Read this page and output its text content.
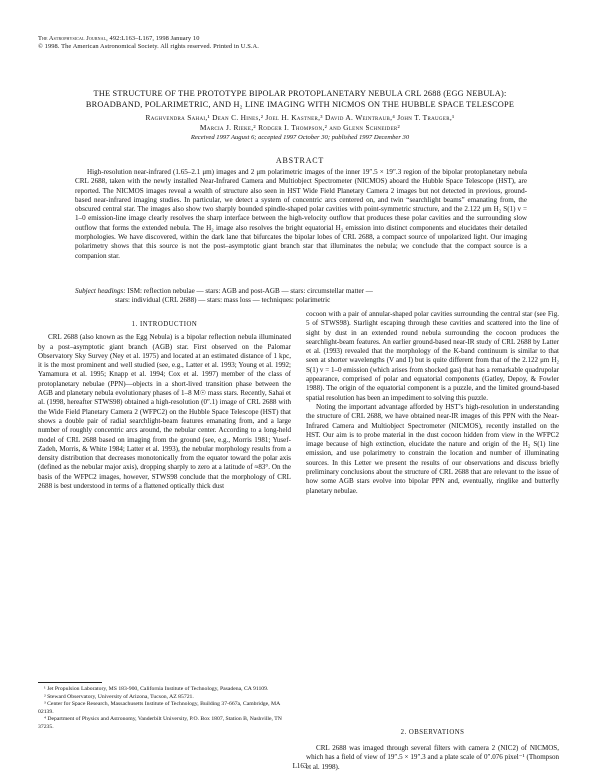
The Astrophysical Journal, 492:L163–L167, 1998 January 10
© 1998. The American Astronomical Society. All rights reserved. Printed in U.S.A.
THE STRUCTURE OF THE PROTOTYPE BIPOLAR PROTOPLANETARY NEBULA CRL 2688 (EGG NEBULA):
BROADBAND, POLARIMETRIC, AND H₂ LINE IMAGING WITH NICMOS ON THE HUBBLE SPACE TELESCOPE
Raghvendra Sahai,¹ Dean C. Hines,² Joel H. Kastner,³ David A. Weintraub,⁴ John T. Trauger,¹
Marcia J. Rieke,² Rodger I. Thompson,² and Glenn Schneider²
Received 1997 August 6; accepted 1997 October 30; published 1997 December 30
ABSTRACT

High-resolution near-infrared (1.65–2.1 μm) images and 2 μm polarimetric images of the inner 19″.5 × 19″.3 region of the bipolar protoplanetary nebula CRL 2688, taken with the newly installed Near-Infrared Camera and Multiobject Spectrometer (NICMOS) aboard the Hubble Space Telescope (HST), are reported. The NICMOS images reveal a wealth of structure also seen in HST Wide Field Planetary Camera 2 images but not detected in previous, ground-based near-infrared imaging studies. In particular, we detect a system of concentric arcs centered on, and twin “searchlight beams” emanating from, the obscured central star. The images also show two sharply bounded spindle-shaped polar cavities with point-symmetric structure, and the 2.122 μm H₂ S(1) v = 1–0 emission-line image clearly resolves the sharp interface between the high-velocity outflow that produces these polar cavities and the surrounding slow outflow that forms the extended nebula. The H₂ image also resolves the bright equatorial H₂ emission into distinct components and elucidates their detailed morphologies. We have discovered, within the dark lane that bifurcates the bipolar lobes of CRL 2688, a compact source of unpolarized light. Our imaging polarimetry shows that this source is not the post–asymptotic giant branch star that illuminates the nebula; we conclude that the compact source is a companion star.

Subject headings: ISM: reflection nebulae — stars: AGB and post-AGB — stars: circumstellar matter —
stars: individual (CRL 2688) — stars: mass loss — techniques: polarimetric
1. INTRODUCTION

CRL 2688 (also known as the Egg Nebula) is a bipolar reflection nebula illuminated by a post–asymptotic giant branch (AGB) star. First observed on the Palomar Observatory Sky Survey (Ney et al. 1975) and located at an estimated distance of 1 kpc, it is the most prominent and well studied (see, e.g., Latter et al. 1993; Young et al. 1992; Yamamura et al. 1995; Knapp et al. 1994; Cox et al. 1997) member of the class of protoplanetary nebulae (PPN)—objects in a short-lived transition phase between the AGB and planetary nebula evolutionary phases of 1–8 M☉ mass stars. Recently, Sahai et al. (1998, hereafter STWS98) obtained a high-resolution (0″.1) image of CRL 2688 with the Wide Field Planetary Camera 2 (WFPC2) on the Hubble Space Telescope (HST) that shows a double pair of radial searchlight-beam features emanating from, and a large number of roughly concentric arcs around, the nebular center. According to a long-held model of CRL 2688 based on imaging from the ground (see, e.g., Morris 1981; Yusef-Zadeh, Morris, & White 1984; Latter et al. 1993), the nebular morphology results from a density distribution that decreases monotonically from the equator toward the polar axis (defined as the nebular major axis), dropping sharply to zero at a latitude of ≈83°. On the basis of the WFPC2 images, however, STWS98 conclude that the morphology of CRL 2688 is best understood in terms of a flattened optically thick dust

cocoon with a pair of annular-shaped polar cavities surrounding the central star (see Fig. 5 of STWS98). Starlight escaping through these cavities and scattered into the line of sight by dust in an extended round nebula surrounding the cocoon produces the searchlight-beam features. An earlier ground-based near-IR study of CRL 2688 by Latter et al. (1993) revealed that the morphology of the K-band continuum is similar to that seen at shorter wavelengths (V and I) but is quite different from that of the 2.122 μm H₂ S(1) v = 1–0 emission (which arises from shocked gas) that has a remarkable quadrupolar appearance, comprised of polar and equatorial components (Gatley, Depoy, & Fowler 1988). The origin of the equatorial component is a puzzle, and the limited ground-based spatial resolution has been an impediment to solving this puzzle.

Noting the important advantage afforded by HST’s high-resolution in understanding the structure of CRL 2688, we have obtained near-IR images of this PPN with the Near-Infrared Camera and Multiobject Spectrometer (NICMOS), recently installed on the HST. Our aim is to probe material in the dust cocoon hidden from view in the WFPC2 image because of high extinction, elucidate the nature and origin of the H₂ S(1) line emission, and use polarimetry to constrain the location and number of illuminating sources. In this Letter we present the results of our observations and discuss briefly preliminary conclusions about the structure of CRL 2688 that are relevant to the issue of how some AGB stars evolve into bipolar PPN and, eventually, ringlike and butterfly planetary nebulae.

¹ Jet Propulsion Laboratory, MS 183-900, California Institute of Technology, Pasadena, CA 91109.

² Steward Observatory, University of Arizona, Tucson, AZ 85721.

³ Center for Space Research, Massachusetts Institute of Technology, Building 37-667a, Cambridge, MA 02139.

⁴ Department of Physics and Astronomy, Vanderbilt University, P.O. Box 1807, Station B, Nashville, TN 37235.

2. OBSERVATIONS

CRL 2688 was imaged through several filters with camera 2 (NIC2) of NICMOS, which has a field of view of 19″.5 × 19″.3 and a plate scale of 0″.076 pixel⁻¹ (Thompson et al. 1998).

L163
